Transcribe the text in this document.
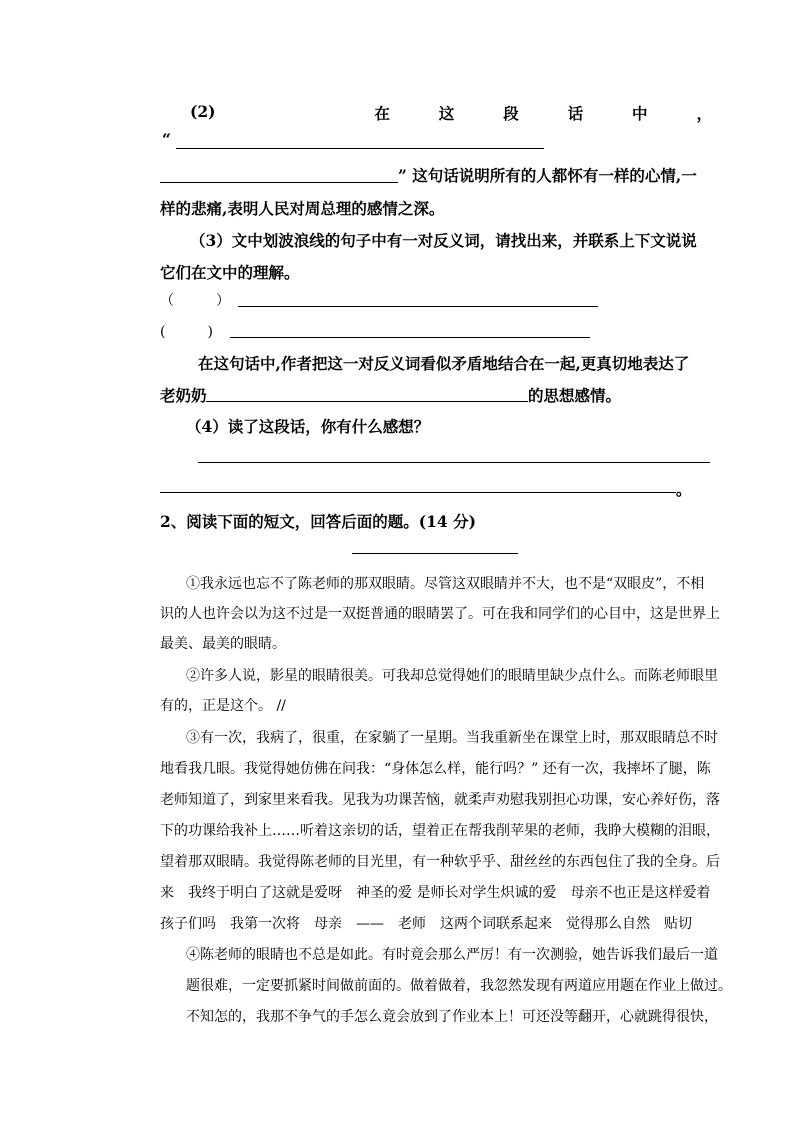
(2)	在	这	段	话	中	，
“
” 这句话说明所有的人都怀有一样的心情,一
样的悲痛,表明人民对周总理的感情之深。
（3）文中划波浪线的句子中有一对反义词，请找出来，并联系上下文说说
它们在文中的理解。
（　　　）
(　　　)
在这句话中,作者把这一对反义词看似矛盾地结合在一起,更真切地表达了
老奶奶	的思想感情。
（4）读了这段话，你有什么感想？
。
2、阅读下面的短文，回答后面的题。(14 分)
①我永远也忘不了陈老师的那双眼睛。尽管这双眼睛并不大，也不是“双眼皮”，不相
识的人也许会以为这不过是一双挺普通的眼睛罢了。可在我和同学们的心目中，这是世界上
最美、最美的眼睛。
②许多人说，影星的眼睛很美。可我却总觉得她们的眼睛里缺少点什么。而陈老师眼里
有的，正是这个。 //
③有一次，我病了，很重，在家躺了一星期。当我重新坐在课堂上时，那双眼睛总不时
地看我几眼。我觉得她仿佛在问我：“身体怎么样，能行吗？” 还有一次，我摔坏了腿，陈
老师知道了，到家里来看我。见我为功课苦恼，就柔声劝慰我别担心功课，安心养好伤，落
下的功课给我补上……听着这亲切的话，望着正在帮我削苹果的老师，我睁大模糊的泪眼，
望着那双眼睛。我觉得陈老师的目光里，有一种软乎乎、甜丝丝的东西包住了我的全身。后
来　我终于明白了这就是爱呀　神圣的爱 是师长对学生炽诚的爱　母亲不也正是这样爱着
孩子们吗　我第一次将　母亲　——　老师　这两个词联系起来　觉得那么自然　贴切
④陈老师的眼睛也不总是如此。有时竟会那么严厉！有一次测验，她告诉我们最后一道
题很难，一定要抓紧时间做前面的。做着做着，我忽然发现有两道应用题在作业上做过。
不知怎的，我那不争气的手怎么竟会放到了作业本上！可还没等翻开，心就跳得很快，
